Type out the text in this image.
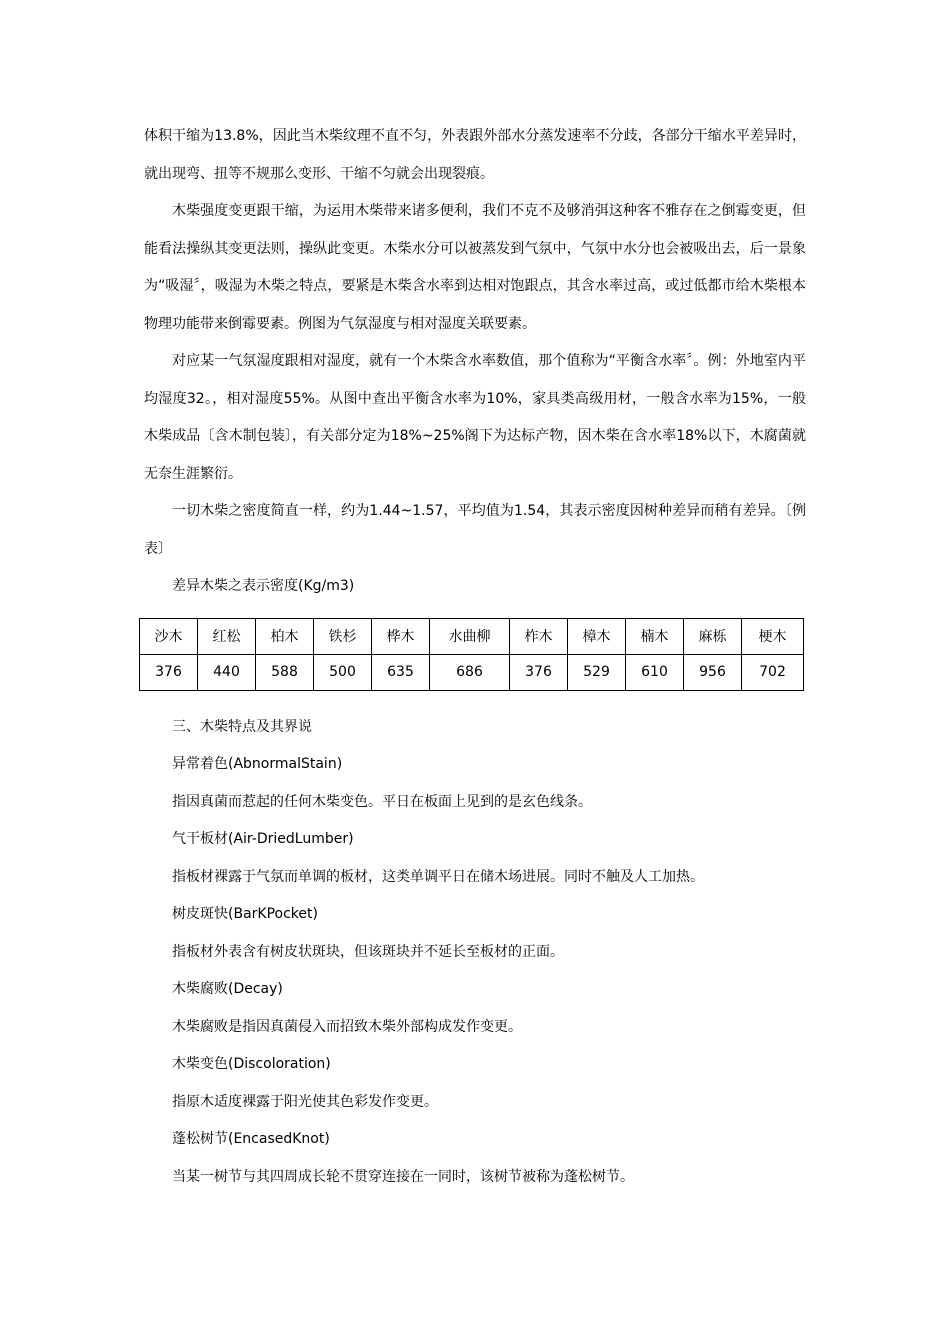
体积干缩为13.8%，因此当木柴纹理不直不匀，外表跟外部水分蒸发速率不分歧，各部分干缩水平差异时，就出现弯、扭等不规那么变形、干缩不匀就会出现裂痕。

木柴强度变更跟干缩，为运用木柴带来诸多便利，我们不克不及够消弭这种客不雅存在之倒霉变更，但能看法操纵其变更法则，操纵此变更。木柴水分可以被蒸发到气氛中，气氛中水分也会被吸出去，后一景象为“吸湿〞，吸湿为木柴之特点，要紧是木柴含水率到达相对饱跟点，其含水率过高，或过低都市给木柴根本物理功能带来倒霉要素。例图为气氛湿度与相对湿度关联要素。

对应某一气氛湿度跟相对湿度，就有一个木柴含水率数值，那个值称为“平衡含水率〞。例：外地室内平均湿度32。，相对湿度55%。从图中查出平衡含水率为10%，家具类高级用材，一般含水率为15%，一般木柴成品〔含木制包装〕，有关部分定为18%~25%阁下为达标产物，因木柴在含水率18%以下，木腐菌就无奈生涯繁衍。

一切木柴之密度简直一样，约为1.44~1.57，平均值为1.54，其表示密度因树种差异而稍有差异。〔例表〕

差异木柴之表示密度(Kg/m3)

沙木	红松	柏木	铁杉	桦木	水曲柳	柞木	樟木	楠木	麻栎	梗木
376	440	588	500	635	686	376	529	610	956	702

三、木柴特点及其界说

异常着色(AbnormalStain)

指因真菌而惹起的任何木柴变色。平日在板面上见到的是玄色线条。

气干板材(Air-DriedLumber)

指板材裸露于气氛而单调的板材，这类单调平日在储木场进展。同时不触及人工加热。

树皮斑快(BarKPocket)

指板材外表含有树皮状斑块，但该斑块并不延长至板材的正面。

木柴腐败(Decay)

木柴腐败是指因真菌侵入而招致木柴外部构成发作变更。

木柴变色(Discoloration)

指原木适度裸露于阳光使其色彩发作变更。

蓬松树节(EncasedKnot)

当某一树节与其四周成长轮不贯穿连接在一同时，该树节被称为蓬松树节。
